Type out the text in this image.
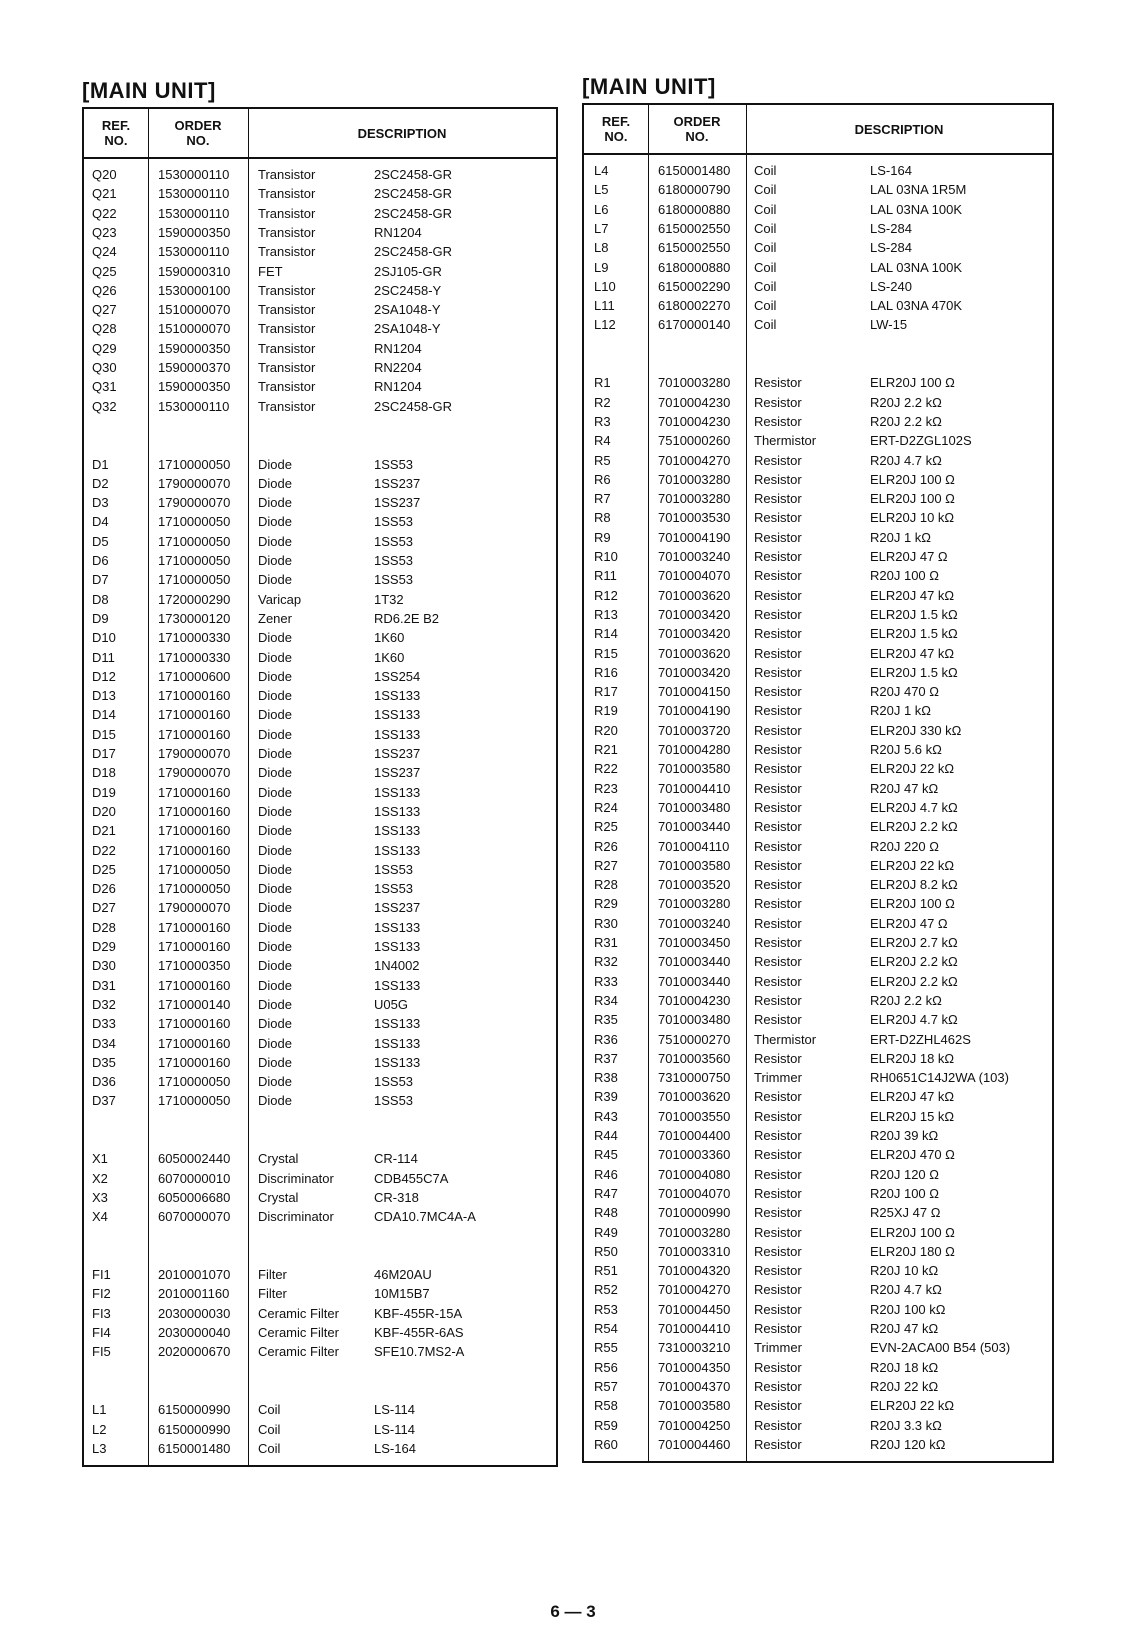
[MAIN UNIT]
REF.
NO.
ORDER
NO.	DESCRIPTION
Q20	1530000110 Transistor	2SC2458-GR
Q21	1530000110 Transistor	2SC2458-GR
Q22	1530000110 Transistor	2SC2458-GR
Q23	1590000350 Transistor	RN1204
Q24	1530000110 Transistor	2SC2458-GR
Q25	1590000310 FET	2SJ105-GR
Q26	1530000100 Transistor	2SC2458-Y
Q27	1510000070 Transistor	2SA1048-Y
Q28	1510000070 Transistor	2SA1048-Y
Q29	1590000350 Transistor	RN1204
Q30	1590000370 Transistor	RN2204
Q31	1590000350 Transistor	RN1204
Q32	1530000110 Transistor	2SC2458-GR
D1	1710000050 Diode	1SS53
D2	1790000070 Diode	1SS237
D3	1790000070 Diode	1SS237
D4	1710000050 Diode	1SS53
D5	1710000050 Diode	1SS53
D6	1710000050 Diode	1SS53
D7	1710000050 Diode	1SS53
D8	1720000290 Varicap	1T32
D9	1730000120 Zener	RD6.2E B2
D10	1710000330 Diode	1K60
D11	1710000330 Diode	1K60
D12	1710000600 Diode	1SS254
D13	1710000160 Diode	1SS133
D14	1710000160 Diode	1SS133
D15	1710000160 Diode	1SS133
D17	1790000070 Diode	1SS237
D18	1790000070 Diode	1SS237
D19	1710000160 Diode	1SS133
D20	1710000160 Diode	1SS133
D21	1710000160 Diode	1SS133
D22	1710000160 Diode	1SS133
D25	1710000050 Diode	1SS53
D26	1710000050 Diode	1SS53
D27	1790000070 Diode	1SS237
D28	1710000160 Diode	1SS133
D29	1710000160 Diode	1SS133
D30	1710000350 Diode	1N4002
D31	1710000160 Diode	1SS133
D32	1710000140 Diode	U05G
D33	1710000160 Diode	1SS133
D34	1710000160 Diode	1SS133
D35	1710000160 Diode	1SS133
D36	1710000050 Diode	1SS53
D37	1710000050 Diode	1SS53
X1	6050002440 Crystal	CR-114
X2	6070000010 Discriminator	CDB455C7A
X3	6050006680 Crystal	CR-318
X4	6070000070 Discriminator	CDA10.7MC4A-A
FI1	2010001070 Filter	46M20AU
FI2	2010001160 Filter	10M15B7
FI3	2030000030 Ceramic Filter	KBF-455R-15A
FI4	2030000040 Ceramic Filter	KBF-455R-6AS
FI5	2020000670 Ceramic Filter	SFE10.7MS2-A
L1	6150000990 Coil	LS-114
L2	6150000990 Coil	LS-114
L3	6150001480 Coil	LS-164
[MAIN UNIT]
REF.
NO.
ORDER
NO.	DESCRIPTION
L4	6150001480 Coil	LS-164
L5	6180000790 Coil	LAL 03NA 1R5M
L6	6180000880 Coil	LAL 03NA 100K
L7	6150002550 Coil	LS-284
L8	6150002550 Coil	LS-284
L9	6180000880 Coil	LAL 03NA 100K
L10	6150002290 Coil	LS-240
L11	6180002270 Coil	LAL 03NA 470K
L12	6170000140 Coil	LW-15
R1	7010003280 Resistor	ELR20J 100 Ω
R2	7010004230 Resistor	R20J 2.2 kΩ
R3	7010004230 Resistor	R20J 2.2 kΩ
R4	7510000260 Thermistor	ERT-D2ZGL102S
R5	7010004270 Resistor	R20J 4.7 kΩ
R6	7010003280 Resistor	ELR20J 100 Ω
R7	7010003280 Resistor	ELR20J 100 Ω
R8	7010003530 Resistor	ELR20J 10 kΩ
R9	7010004190 Resistor	R20J 1 kΩ
R10	7010003240 Resistor	ELR20J 47 Ω
R11	7010004070 Resistor	R20J 100 Ω
R12	7010003620 Resistor	ELR20J 47 kΩ
R13	7010003420 Resistor	ELR20J 1.5 kΩ
R14	7010003420 Resistor	ELR20J 1.5 kΩ
R15	7010003620 Resistor	ELR20J 47 kΩ
R16	7010003420 Resistor	ELR20J 1.5 kΩ
R17	7010004150 Resistor	R20J 470 Ω
R19	7010004190 Resistor	R20J 1 kΩ
R20	7010003720 Resistor	ELR20J 330 kΩ
R21	7010004280 Resistor	R20J 5.6 kΩ
R22	7010003580 Resistor	ELR20J 22 kΩ
R23	7010004410 Resistor	R20J 47 kΩ
R24	7010003480 Resistor	ELR20J 4.7 kΩ
R25	7010003440 Resistor	ELR20J 2.2 kΩ
R26	7010004110 Resistor	R20J 220 Ω
R27	7010003580 Resistor	ELR20J 22 kΩ
R28	7010003520 Resistor	ELR20J 8.2 kΩ
R29	7010003280 Resistor	ELR20J 100 Ω
R30	7010003240 Resistor	ELR20J 47 Ω
R31	7010003450 Resistor	ELR20J 2.7 kΩ
R32	7010003440 Resistor	ELR20J 2.2 kΩ
R33	7010003440 Resistor	ELR20J 2.2 kΩ
R34	7010004230 Resistor	R20J 2.2 kΩ
R35	7010003480 Resistor	ELR20J 4.7 kΩ
R36	7510000270 Thermistor	ERT-D2ZHL462S
R37	7010003560 Resistor	ELR20J 18 kΩ
R38	7310000750 Trimmer	RH0651C14J2WA (103)
R39	7010003620 Resistor	ELR20J 47 kΩ
R43	7010003550 Resistor	ELR20J 15 kΩ
R44	7010004400 Resistor	R20J 39 kΩ
R45	7010003360 Resistor	ELR20J 470 Ω
R46	7010004080 Resistor	R20J 120 Ω
R47	7010004070 Resistor	R20J 100 Ω
R48	7010000990 Resistor	R25XJ 47 Ω
R49	7010003280 Resistor	ELR20J 100 Ω
R50	7010003310 Resistor	ELR20J 180 Ω
R51	7010004320 Resistor	R20J 10 kΩ
R52	7010004270 Resistor	R20J 4.7 kΩ
R53	7010004450 Resistor	R20J 100 kΩ
R54	7010004410 Resistor	R20J 47 kΩ
R55	7310003210 Trimmer	EVN-2ACA00 B54 (503)
R56	7010004350 Resistor	R20J 18 kΩ
R57	7010004370 Resistor	R20J 22 kΩ
R58	7010003580 Resistor	ELR20J 22 kΩ
R59	7010004250 Resistor	R20J 3.3 kΩ
R60	7010004460 Resistor	R20J 120 kΩ
6 — 3
